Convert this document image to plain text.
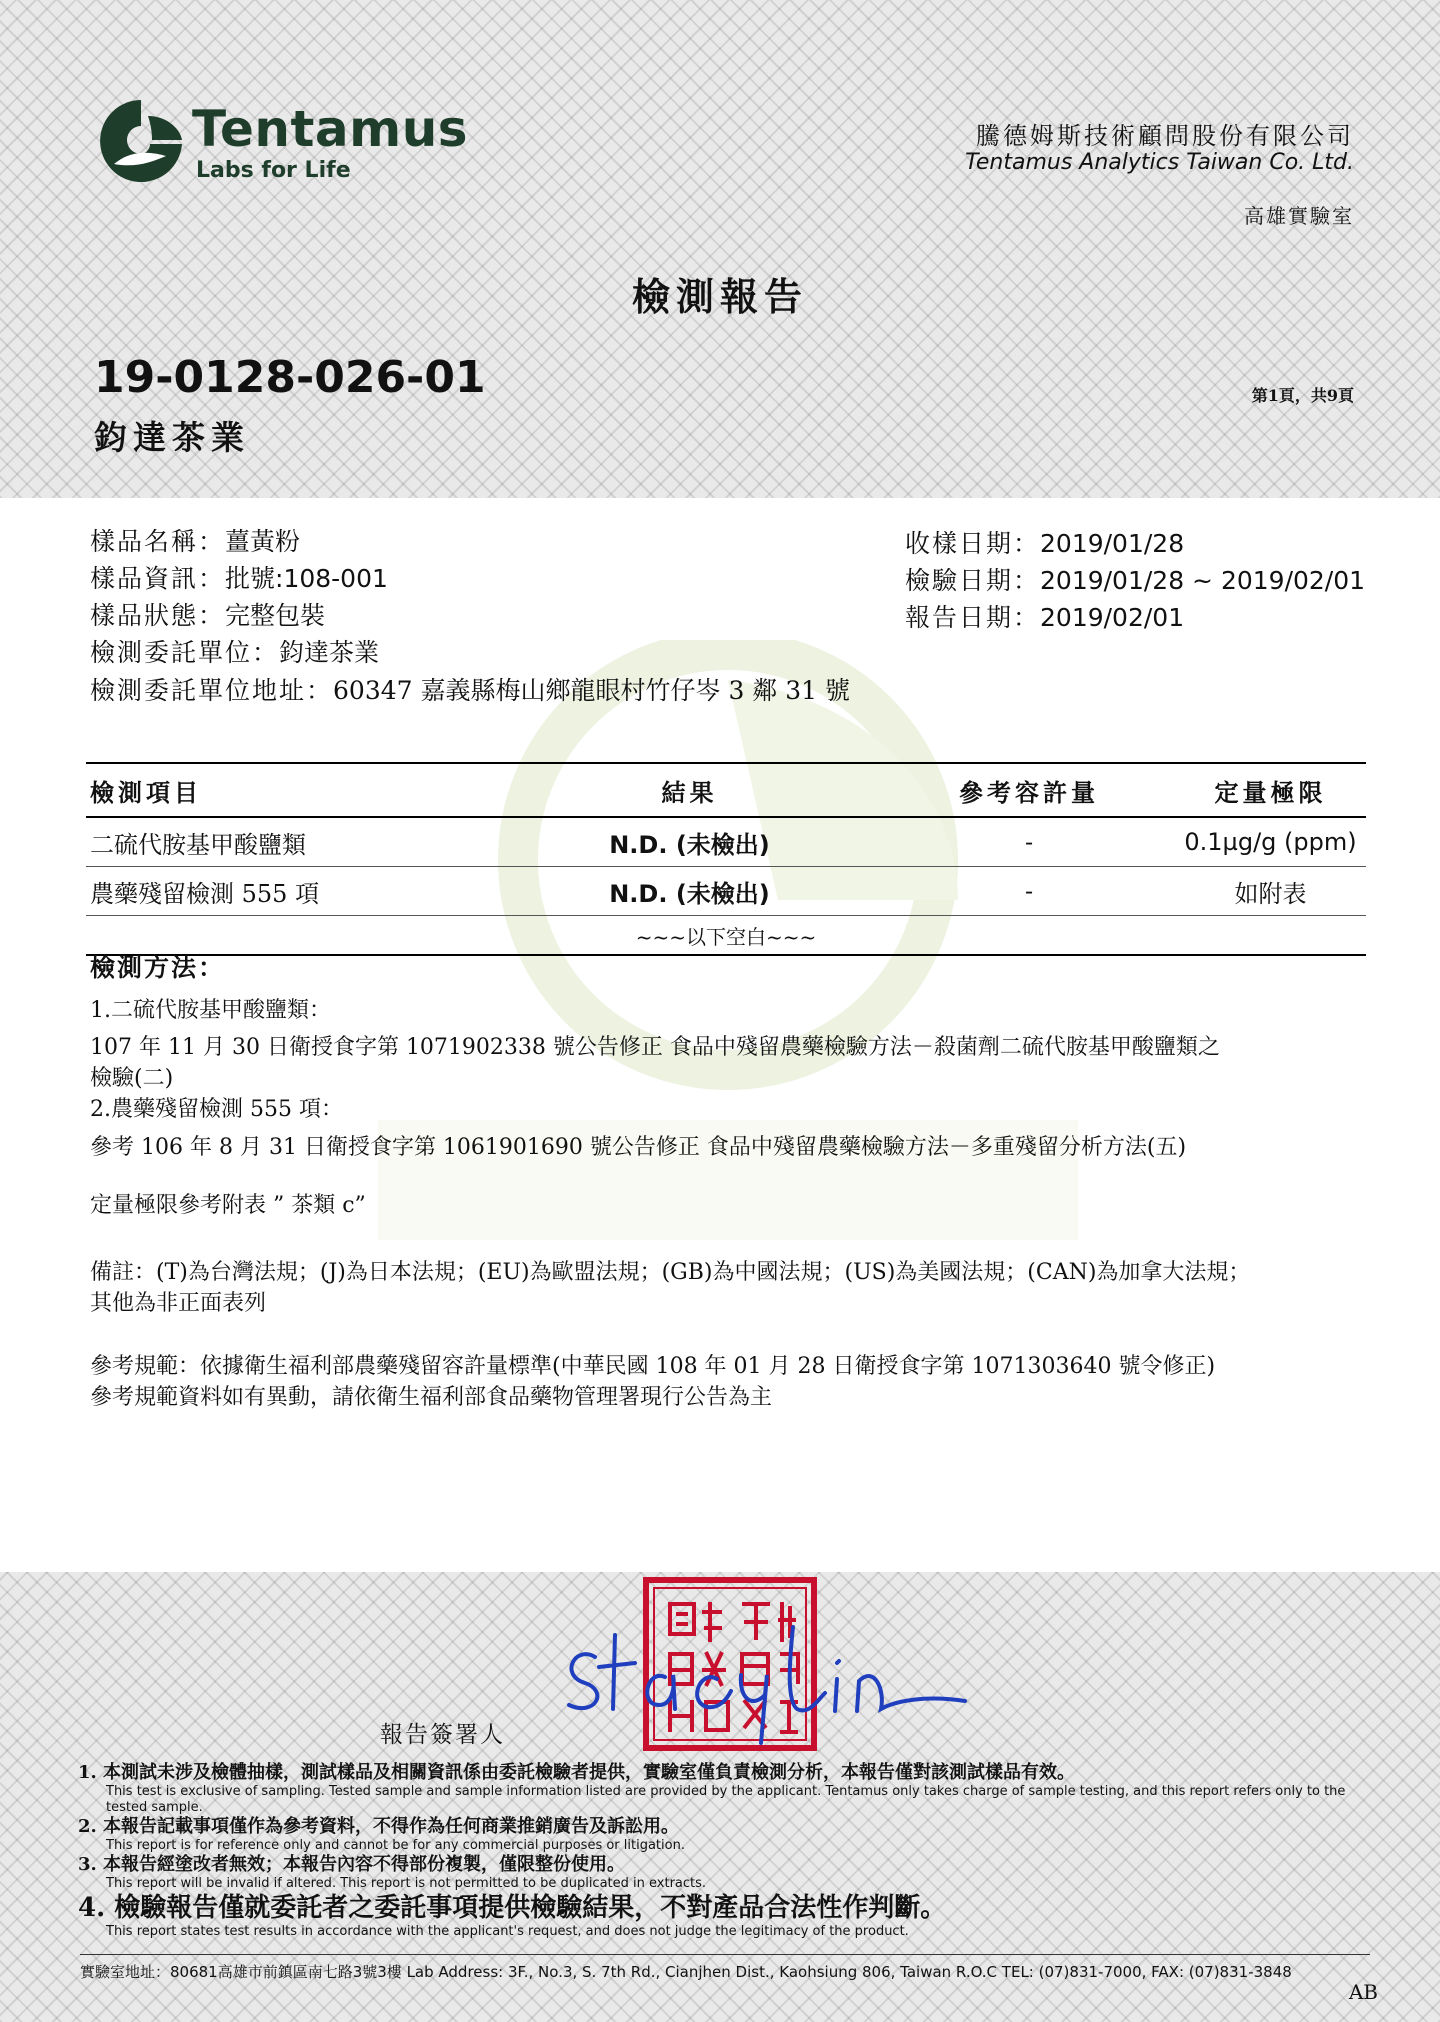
Tentamus
Labs for Life
騰德姆斯技術顧問股份有限公司
Tentamus Analytics Taiwan Co. Ltd.
高雄實驗室
檢測報告
19-0128-026-01
鈞達茶業
第1頁，共9頁
樣品名稱：薑黃粉
樣品資訊：批號:108-001
樣品狀態：完整包裝
檢測委託單位：鈞達茶業
檢測委託單位地址：60347 嘉義縣梅山鄉龍眼村竹仔岑 3 鄰 31 號
收樣日期：2019/01/28
檢驗日期：2019/01/28 ~ 2019/02/01
報告日期：2019/02/01
檢測項目	結果	參考容許量	定量極限
二硫代胺基甲酸鹽類	N.D. (未檢出)	-	0.1µg/g (ppm)
農藥殘留檢測 555 項	N.D. (未檢出)	-	如附表
~~~以下空白~~~			
檢測方法：
1.二硫代胺基甲酸鹽類：
107 年 11 月 30 日衛授食字第 1071902338 號公告修正 食品中殘留農藥檢驗方法－殺菌劑二硫代胺基甲酸鹽類之
檢驗(二)
2.農藥殘留檢測 555 項：
參考 106 年 8 月 31 日衛授食字第 1061901690 號公告修正 食品中殘留農藥檢驗方法－多重殘留分析方法(五)
定量極限參考附表 ” 茶類 c”
備註：(T)為台灣法規；(J)為日本法規；(EU)為歐盟法規；(GB)為中國法規；(US)為美國法規；(CAN)為加拿大法規；
其他為非正面表列
參考規範：依據衛生福利部農藥殘留容許量標準(中華民國 108 年 01 月 28 日衛授食字第 1071303640 號令修正)
參考規範資料如有異動，請依衛生福利部食品藥物管理署現行公告為主
報告簽署人
1. 本測試未涉及檢體抽樣，測試樣品及相關資訊係由委託檢驗者提供，實驗室僅負責檢測分析，本報告僅對該測試樣品有效。
This test is exclusive of sampling. Tested sample and sample information listed are provided by the applicant. Tentamus only takes charge of sample testing, and this report refers only to the tested sample.
2. 本報告記載事項僅作為參考資料，不得作為任何商業推銷廣告及訴訟用。
This report is for reference only and cannot be for any commercial purposes or litigation.
3. 本報告經塗改者無效；本報告內容不得部份複製，僅限整份使用。
This report will be invalid if altered. This report is not permitted to be duplicated in extracts.
4. 檢驗報告僅就委託者之委託事項提供檢驗結果，不對產品合法性作判斷。
This report states test results in accordance with the applicant's request, and does not judge the legitimacy of the product.
實驗室地址：80681高雄市前鎮區南七路3號3樓 Lab Address: 3F., No.3, S. 7th Rd., Cianjhen Dist., Kaohsiung 806, Taiwan R.O.C TEL: (07)831-7000, FAX: (07)831-3848
AB
